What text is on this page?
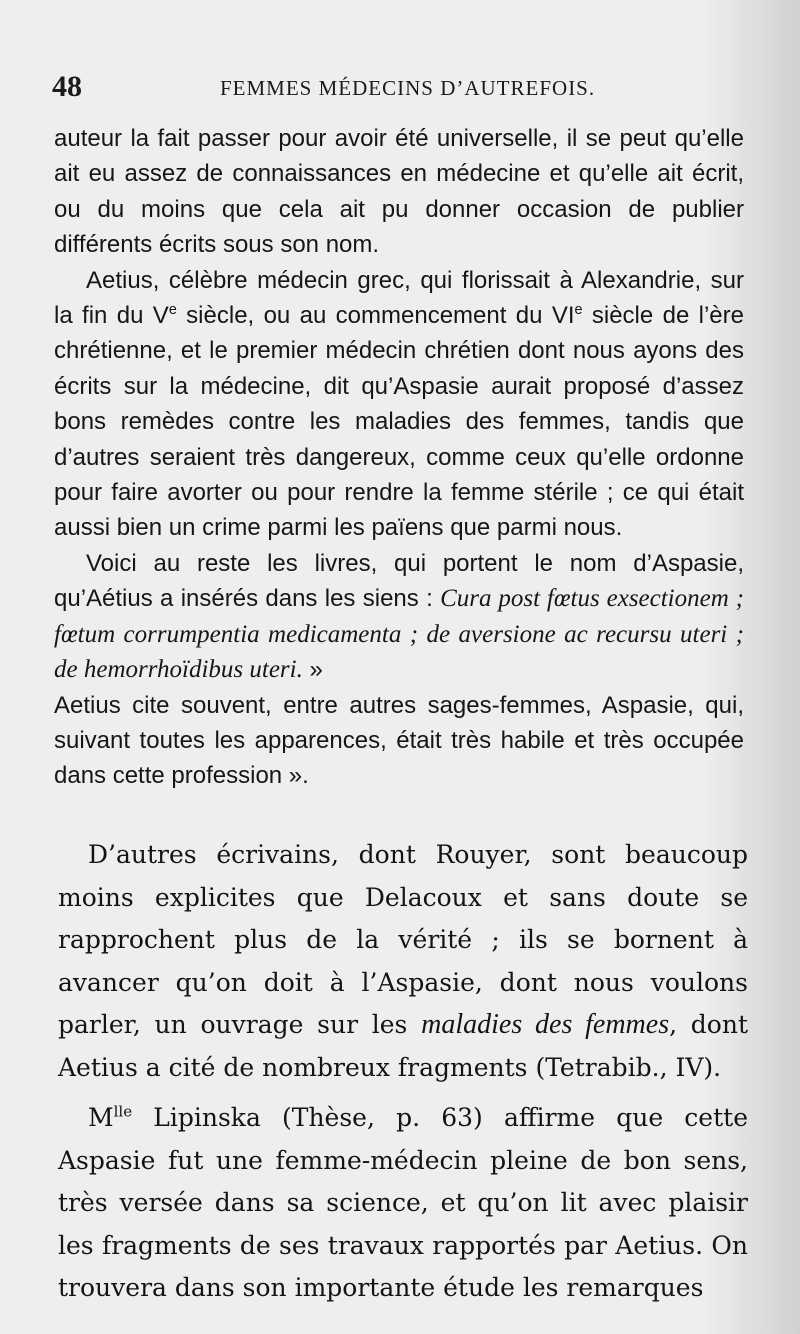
48	FEMMES MÉDECINS D’AUTREFOIS.

auteur la fait passer pour avoir été universelle, il se peut qu’elle ait eu assez de connaissances en médecine et qu’elle ait écrit, ou du moins que cela ait pu donner occasion de publier différents écrits sous son nom.

Aetius, célèbre médecin grec, qui florissait à Alexandrie, sur la fin du Ve siècle, ou au commencement du VIe siècle de l’ère chrétienne, et le premier médecin chrétien dont nous ayons des écrits sur la médecine, dit qu’Aspasie aurait proposé d’assez bons remèdes contre les maladies des femmes, tandis que d’autres seraient très dangereux, comme ceux qu’elle ordonne pour faire avorter ou pour rendre la femme stérile ; ce qui était aussi bien un crime parmi les païens que parmi nous.

Voici au reste les livres, qui portent le nom d’Aspasie, qu’Aétius a insérés dans les siens : Cura post fœtus exsectionem ; fœtum corrumpentia medicamenta ; de aversione ac recursu uteri ; de hemorrhoïdibus uteri. »

Aetius cite souvent, entre autres sages-femmes, Aspasie, qui, suivant toutes les apparences, était très habile et très occupée dans cette profession ».

D’autres écrivains, dont Rouyer, sont beaucoup moins explicites que Delacoux et sans doute se rapprochent plus de la vérité ; ils se bornent à avancer qu’on doit à l’Aspasie, dont nous voulons parler, un ouvrage sur les maladies des femmes, dont Aetius a cité de nombreux fragments (Tetrabib., IV).

$M^{lle}$ Lipinska (Thèse, p. 63) affirme que cette Aspasie fut une femme-médecin pleine de bon sens, très versée dans sa science, et qu’on lit avec plaisir les fragments de ses travaux rapportés par Aetius. On trouvera dans son importante étude les remarques
